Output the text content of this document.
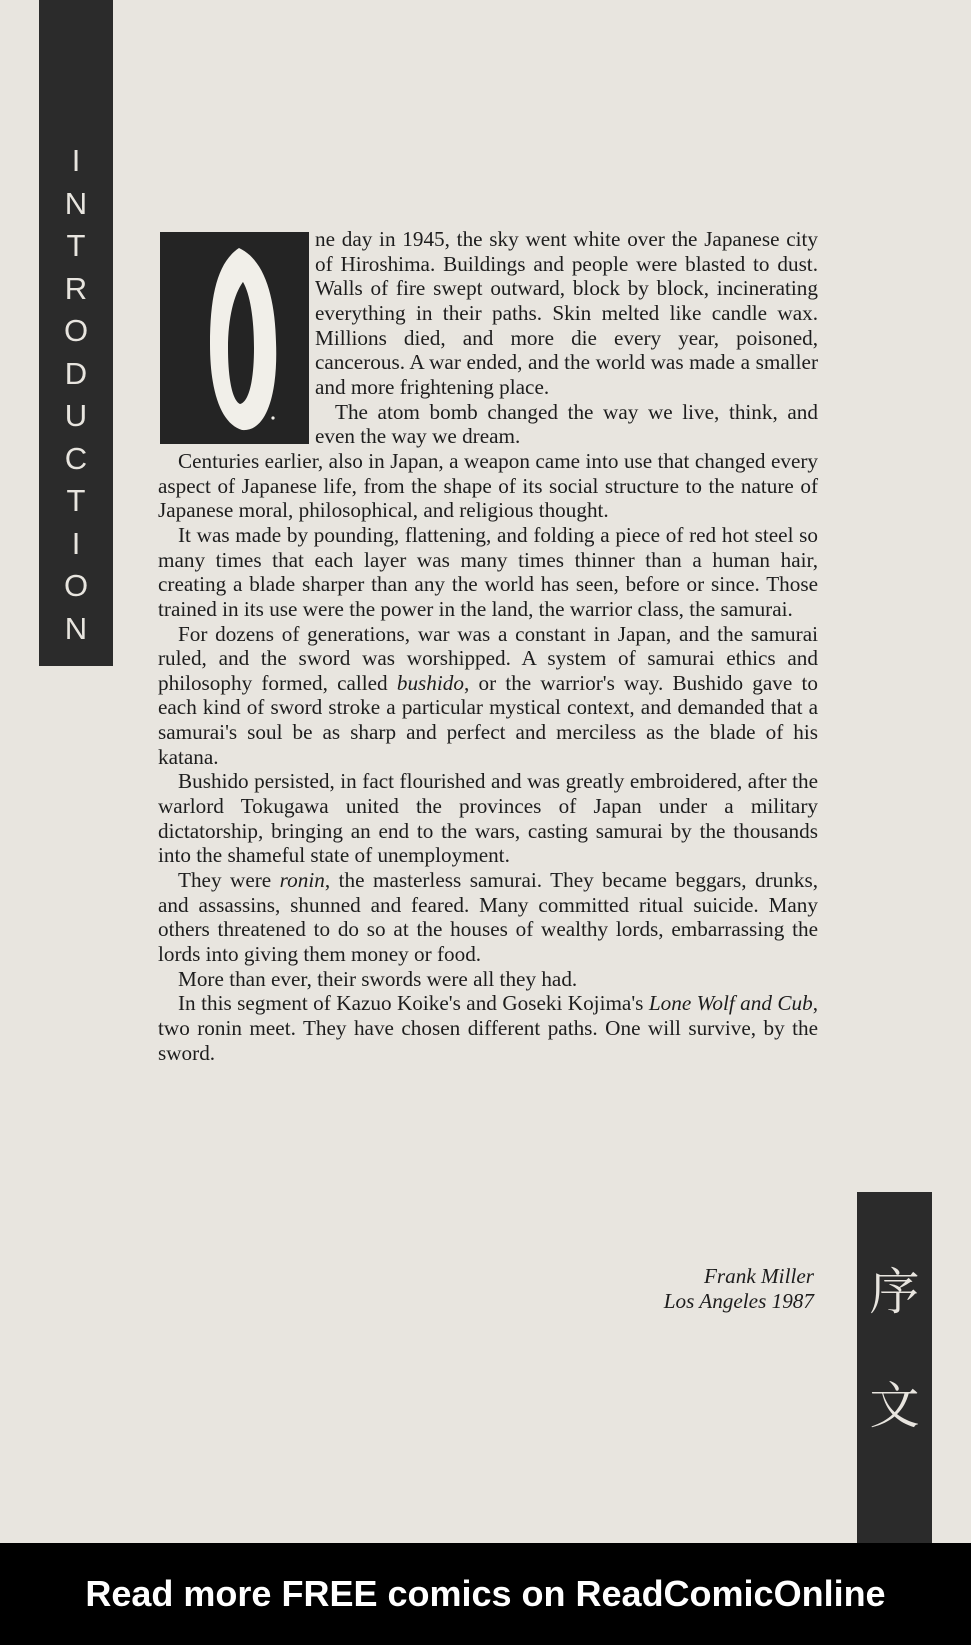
I
N
T
R
O
D
U
C
T
I
O
N

ne day in 1945, the sky went white over the Japanese city of Hiroshima. Buildings and people were blasted to dust. Walls of fire swept outward, block by block, incinerating everything in their paths. Skin melted like candle wax. Millions died, and more die every year, poisoned, cancerous. A war ended, and the world was made a smaller and more frightening place.

The atom bomb changed the way we live, think, and even the way we dream.

Centuries earlier, also in Japan, a weapon came into use that changed every aspect of Japanese life, from the shape of its social structure to the nature of Japanese moral, philosophical, and religious thought.

It was made by pounding, flattening, and folding a piece of red hot steel so many times that each layer was many times thinner than a human hair, creating a blade sharper than any the world has seen, before or since. Those trained in its use were the power in the land, the warrior class, the samurai.

For dozens of generations, war was a constant in Japan, and the samurai ruled, and the sword was worshipped. A system of samurai ethics and philosophy formed, called bushido, or the warrior's way. Bushido gave to each kind of sword stroke a particular mystical context, and demanded that a samurai's soul be as sharp and perfect and merciless as the blade of his katana.

Bushido persisted, in fact flourished and was greatly embroidered, after the warlord Tokugawa united the provinces of Japan under a military dictatorship, bringing an end to the wars, casting samurai by the thousands into the shameful state of unemployment.

They were ronin, the masterless samurai. They became beggars, drunks, and assassins, shunned and feared. Many committed ritual suicide. Many others threatened to do so at the houses of wealthy lords, embarrassing the lords into giving them money or food.

More than ever, their swords were all they had.

In this segment of Kazuo Koike's and Goseki Kojima's Lone Wolf and Cub, two ronin meet. They have chosen different paths. One will survive, by the sword.

Frank Miller
Los Angeles 1987 序
文
Read more FREE comics on ReadComicOnline
